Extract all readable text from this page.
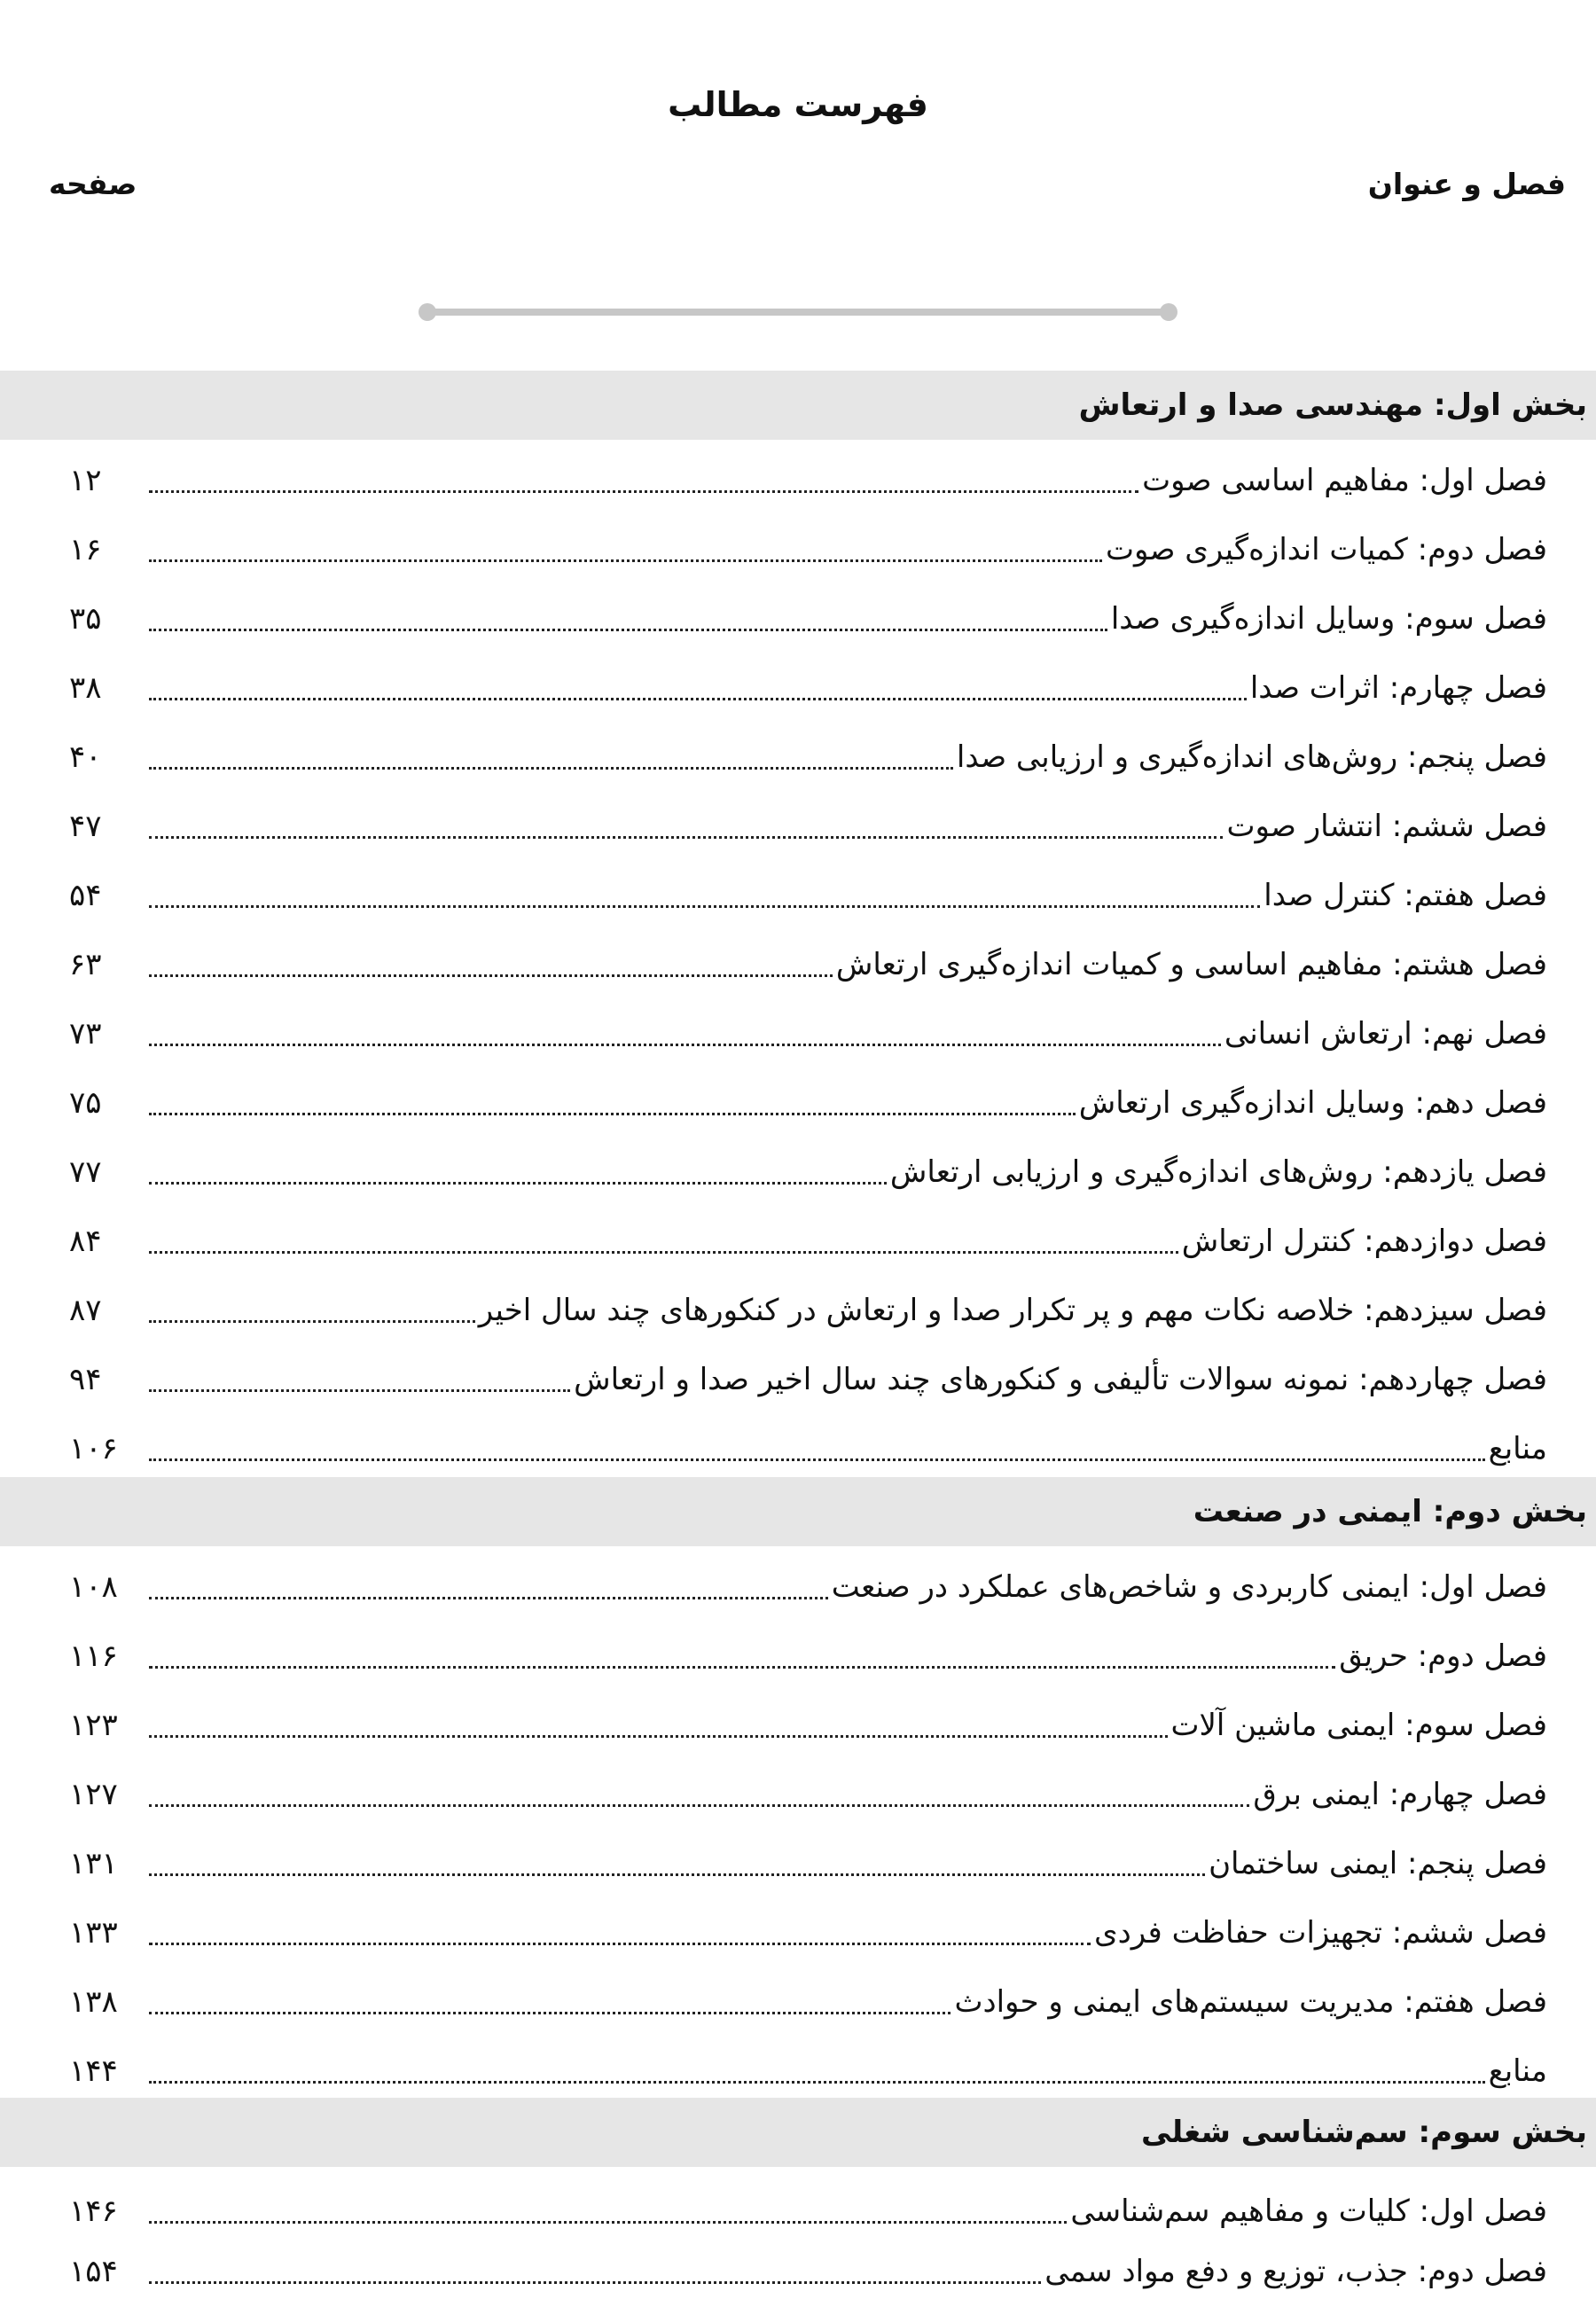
فهرست مطالب
فصل و عنوان
صفحه
بخش اول: مهندسی صدا و ارتعاش
فصل اول: مفاهیم اساسی صوت
۱۲
فصل دوم: کمیات اندازه‌گیری صوت
۱۶
فصل سوم: وسایل اندازه‌گیری صدا
۳۵
فصل چهارم: اثرات صدا
۳۸
فصل پنجم: روش‌های اندازه‌گیری و ارزیابی صدا
۴۰
فصل ششم: انتشار صوت
۴۷
فصل هفتم: کنترل صدا
۵۴
فصل هشتم: مفاهیم اساسی و کمیات اندازه‌گیری ارتعاش
۶۳
فصل نهم: ارتعاش انسانی
۷۳
فصل دهم: وسایل اندازه‌گیری ارتعاش
۷۵
فصل یازدهم: روش‌های اندازه‌گیری و ارزیابی ارتعاش
۷۷
فصل دوازدهم: کنترل ارتعاش
۸۴
فصل سیزدهم: خلاصه نکات مهم و پر تکرار صدا و ارتعاش در کنکورهای چند سال اخیر
۸۷
فصل چهاردهم: نمونه سوالات تألیفی و کنکورهای چند سال اخیر صدا و ارتعاش
۹۴
منابع
۱۰۶
بخش دوم: ایمنی در صنعت
فصل اول: ایمنی کاربردی و شاخص‌های عملکرد در صنعت
۱۰۸
فصل دوم: حریق
۱۱۶
فصل سوم: ایمنی ماشین آلات
۱۲۳
فصل چهارم: ایمنی برق
۱۲۷
فصل پنجم: ایمنی ساختمان
۱۳۱
فصل ششم: تجهیزات حفاظت فردی
۱۳۳
فصل هفتم: مدیریت سیستم‌های ایمنی و حوادث
۱۳۸
منابع
۱۴۴
بخش سوم: سم‌شناسی شغلی
فصل اول: کلیات و مفاهیم سم‌شناسی
۱۴۶
فصل دوم: جذب، توزیع و دفع مواد سمی
۱۵۴
